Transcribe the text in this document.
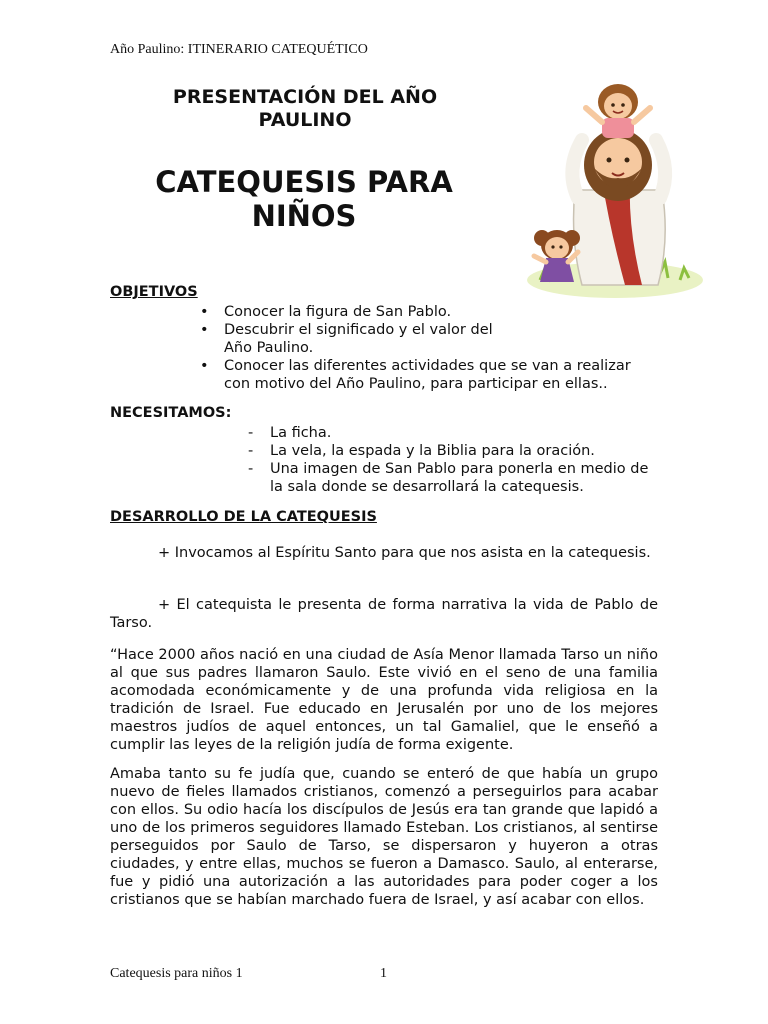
Año Paulino: ITINERARIO CATEQUÉTICO
PRESENTACIÓN DEL AÑO PAULINO
CATEQUESIS PARA NIÑOS
OBJETIVOS
• Conocer la figura de San Pablo.
• Descubrir el significado y el valor del Año Paulino.
• Conocer las diferentes actividades que se van a realizar con motivo del Año Paulino, para participar en ellas..
NECESITAMOS:
- La ficha.
- La vela, la espada y la Biblia para la oración.
- Una imagen de San Pablo para ponerla en medio de la sala donde se desarrollará la catequesis.
DESARROLLO DE LA CATEQUESIS
+ Invocamos al Espíritu Santo para que nos asista en la catequesis.
+ El catequista le presenta de forma narrativa la vida de Pablo de Tarso.
“Hace 2000 años nació en una ciudad de Asía Menor llamada Tarso un niño al que sus padres llamaron Saulo. Este vivió en el seno de una familia acomodada económicamente y de una profunda vida religiosa en la tradición de Israel. Fue educado en Jerusalén por uno de los mejores maestros judíos de aquel entonces, un tal Gamaliel, que le enseñó a cumplir las leyes de la religión judía de forma exigente.
Amaba tanto su fe judía que, cuando se enteró de que había un grupo nuevo de fieles llamados cristianos, comenzó a perseguirlos para acabar con ellos. Su odio hacía los discípulos de Jesús era tan grande que lapidó a uno de los primeros seguidores llamado Esteban. Los cristianos, al sentirse perseguidos por Saulo de Tarso, se dispersaron y huyeron a otras ciudades, y entre ellas, muchos se fueron a Damasco. Saulo, al enterarse, fue y pidió una autorización a las autoridades para poder coger a los cristianos que se habían marchado fuera de Israel, y así acabar con ellos.
Catequesis para niños 1	1
